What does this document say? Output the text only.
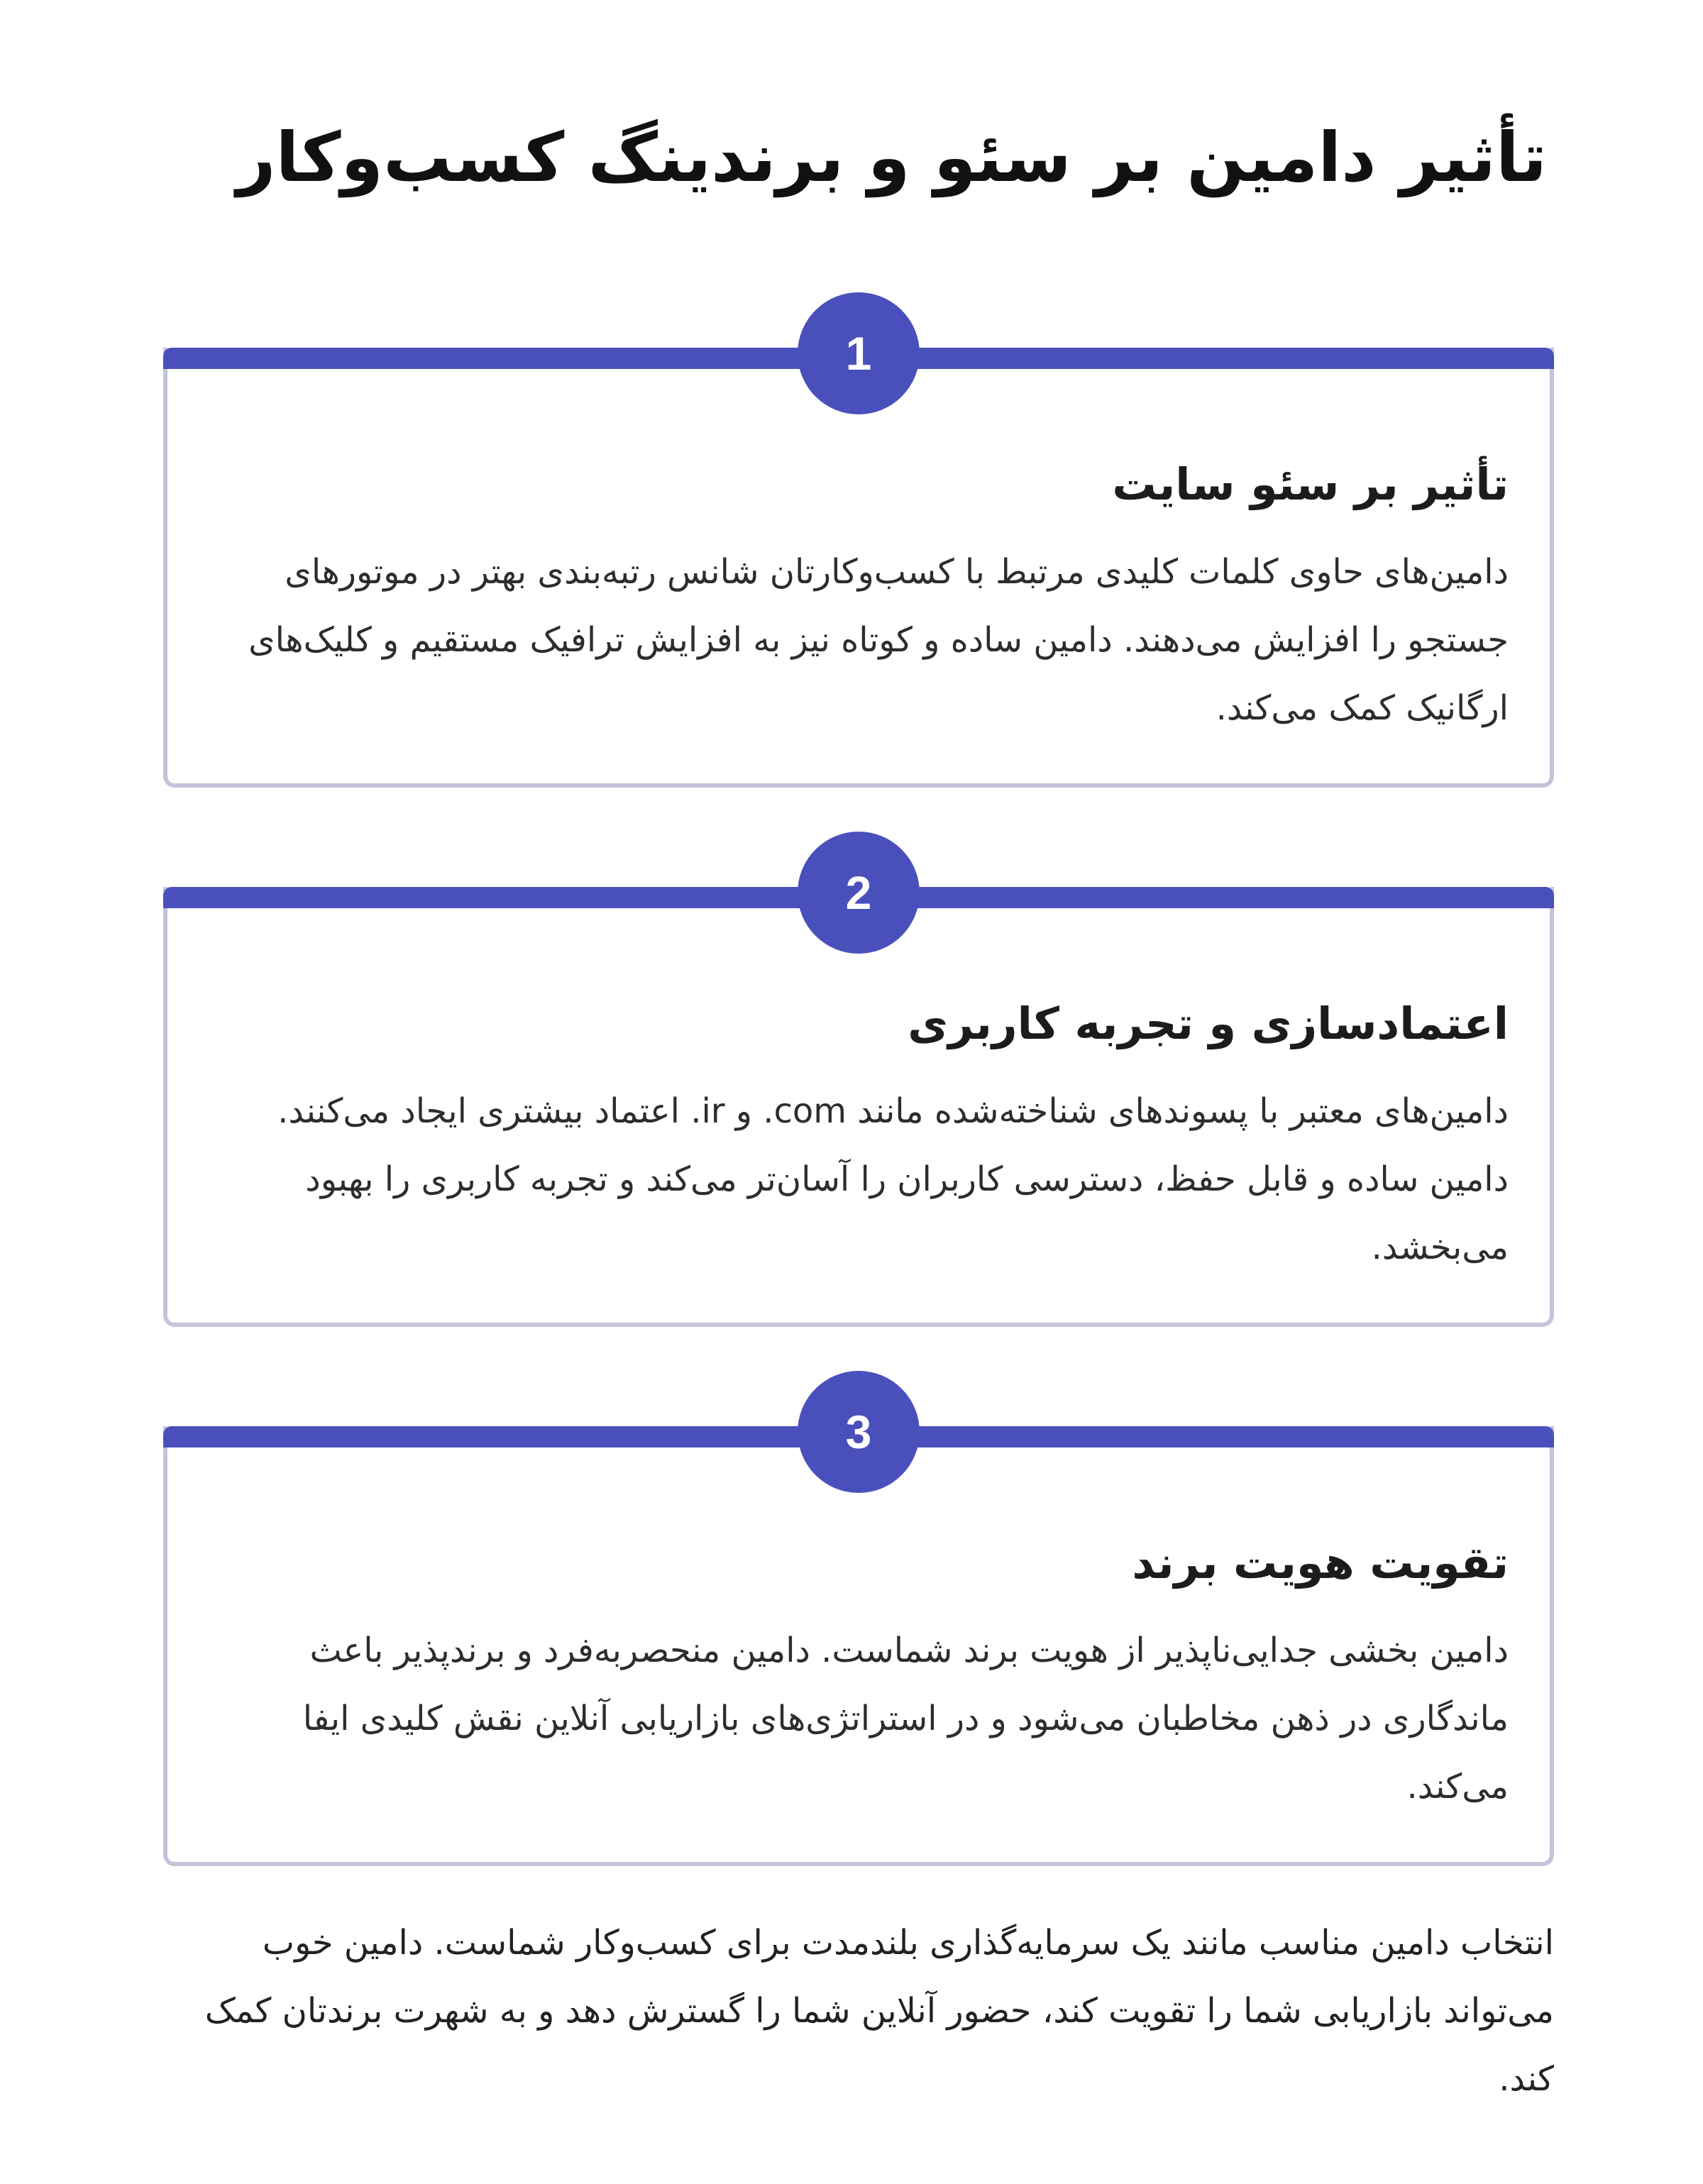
تأثیر دامین بر سئو و برندینگ کسب‌وکار
1
تأثیر بر سئو سایت

دامین‌های حاوی کلمات کلیدی مرتبط با کسب‌وکارتان شانس رتبه‌بندی بهتر در موتورهای جستجو را افزایش می‌دهند. دامین ساده و کوتاه نیز به افزایش ترافیک مستقیم و کلیک‌های ارگانیک کمک می‌کند.

2
اعتمادسازی و تجربه کاربری

دامین‌های معتبر با پسوندهای شناخته‌شده مانند ‎.com‎ و ‎.ir‎ اعتماد بیشتری ایجاد می‌کنند. دامین ساده و قابل حفظ، دسترسی کاربران را آسان‌تر می‌کند و تجربه کاربری را بهبود می‌بخشد.

3
تقویت هویت برند

دامین بخشی جدایی‌ناپذیر از هویت برند شماست. دامین منحصربه‌فرد و برندپذیر باعث ماندگاری در ذهن مخاطبان می‌شود و در استراتژی‌های بازاریابی آنلاین نقش کلیدی ایفا می‌کند.

انتخاب دامین مناسب مانند یک سرمایه‌گذاری بلندمدت برای کسب‌وکار شماست. دامین خوب می‌تواند بازاریابی شما را تقویت کند، حضور آنلاین شما را گسترش دهد و به شهرت برندتان کمک کند.
